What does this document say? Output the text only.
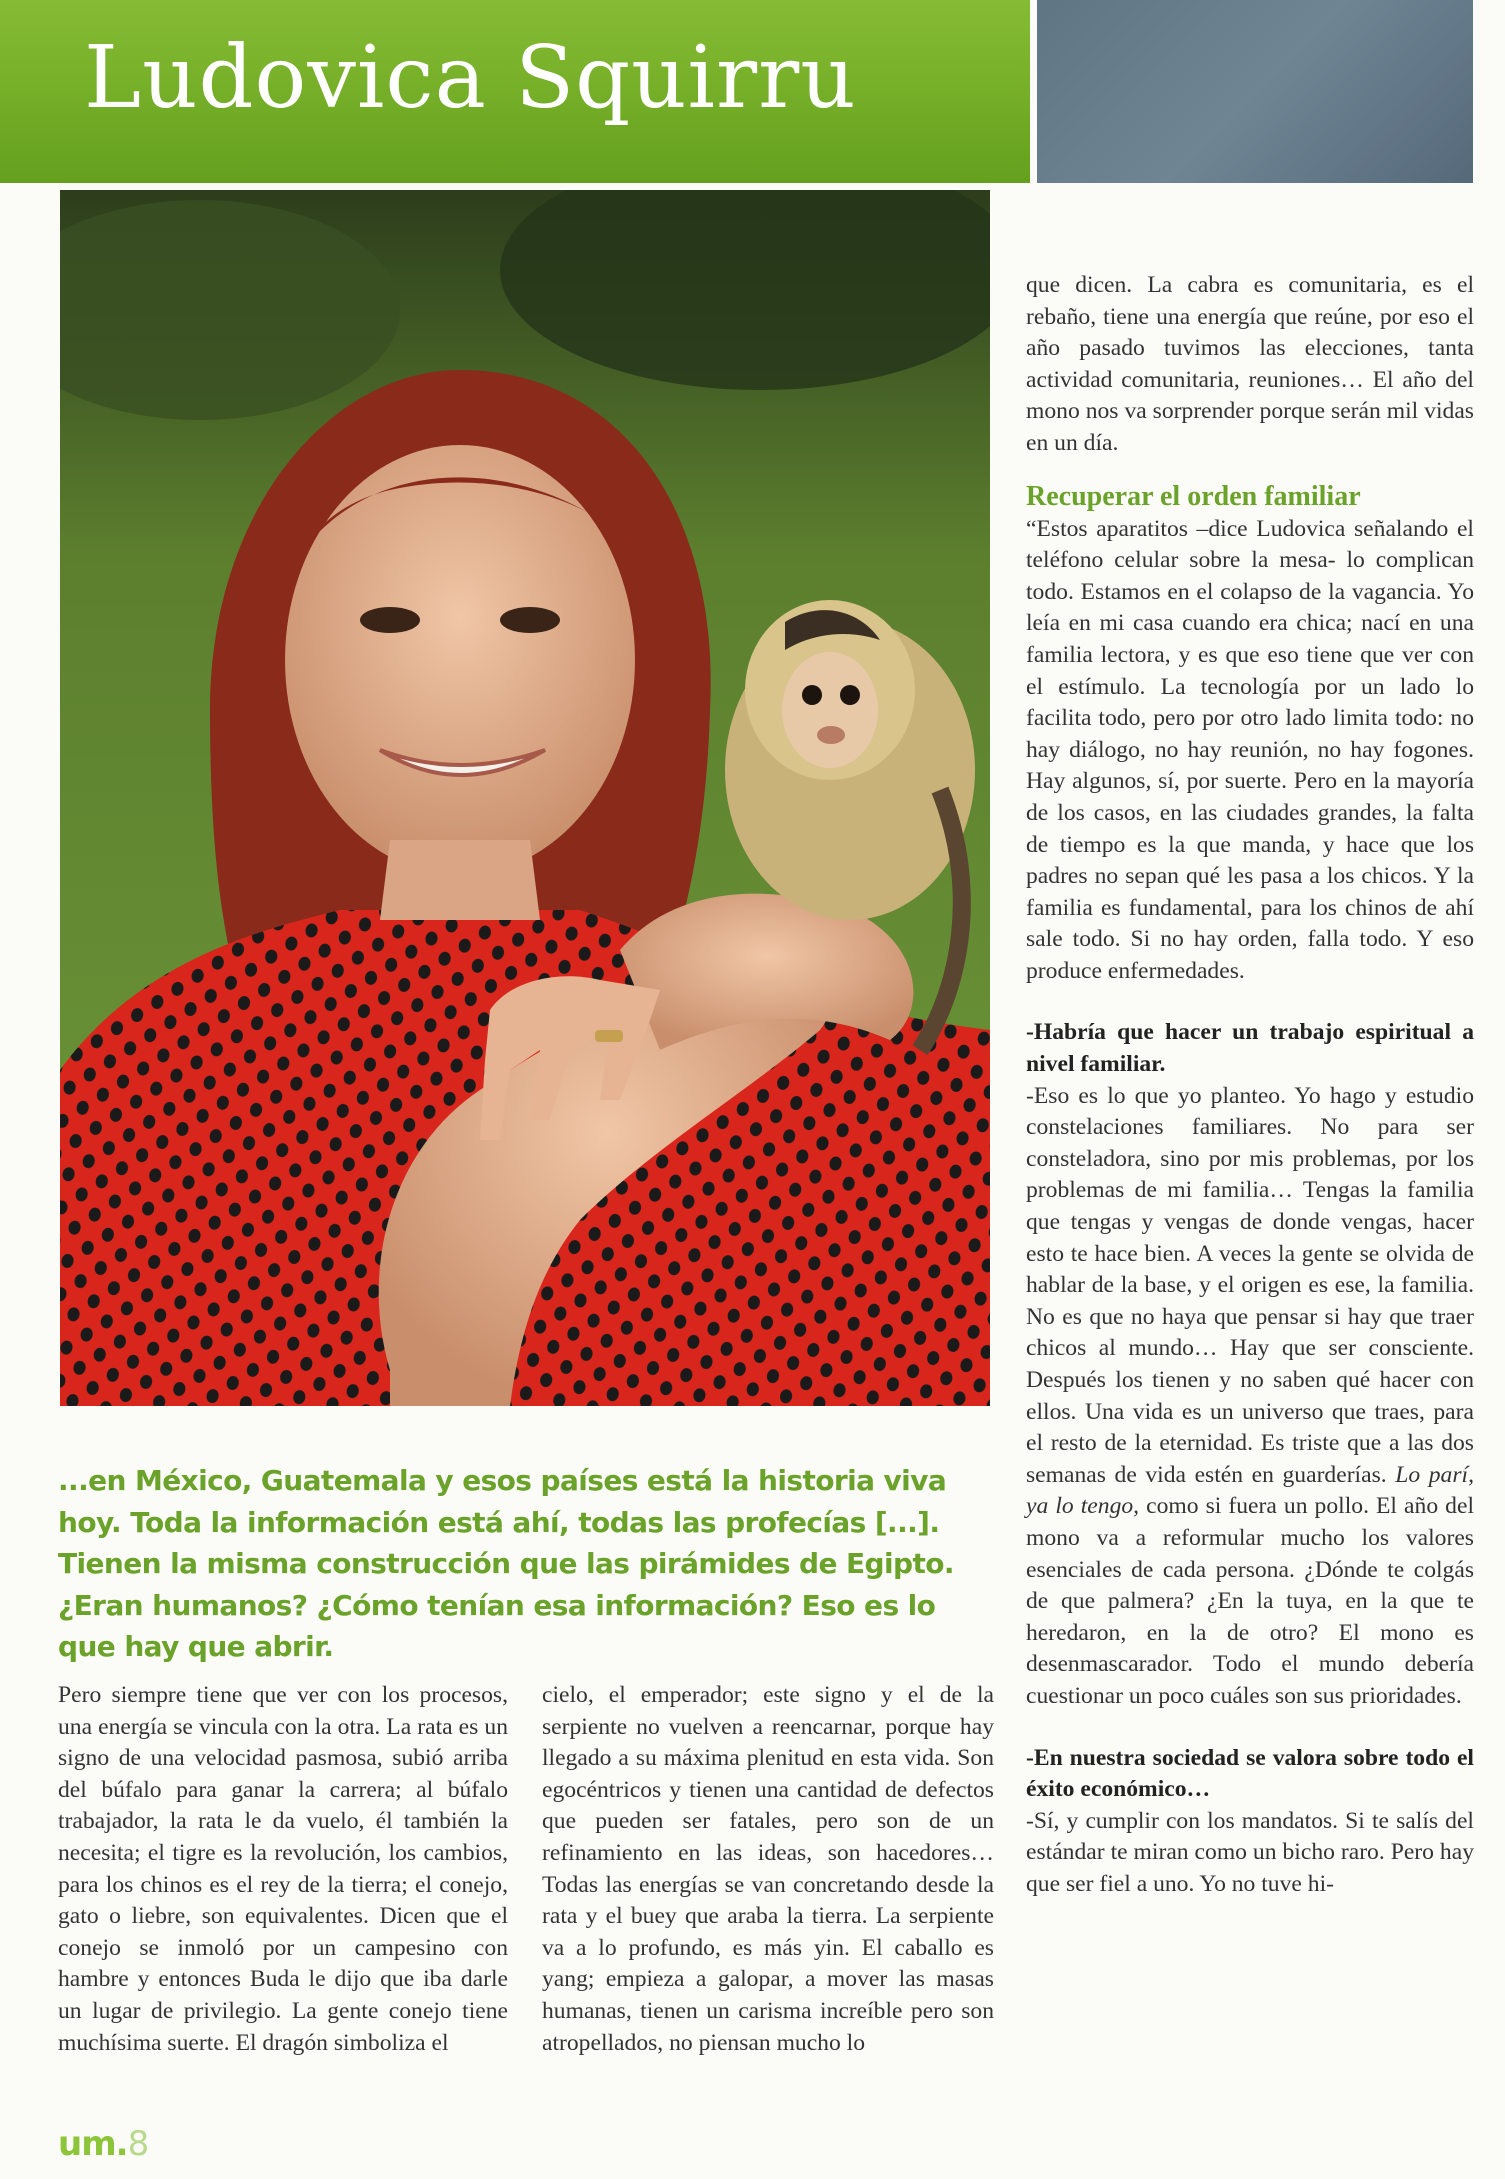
Ludovica Squirru

...en México, Guatemala y esos países está la historia viva hoy. Toda la información está ahí, todas las profecías [...]. Tienen la misma construcción que las pirámides de Egipto. ¿Eran humanos? ¿Cómo tenían esa información? Eso es lo que hay que abrir.

Pero siempre tiene que ver con los procesos, una energía se vincula con la otra. La rata es un signo de una velocidad pasmosa, subió arriba del búfalo para ganar la carrera; al búfalo trabajador, la rata le da vuelo, él también la necesita; el tigre es la revolución, los cambios, para los chinos es el rey de la tierra; el conejo, gato o liebre, son equivalentes. Dicen que el conejo se inmoló por un campesino con hambre y entonces Buda le dijo que iba darle un lugar de privilegio. La gente conejo tiene muchísima suerte. El dragón simboliza el

cielo, el emperador; este signo y el de la serpiente no vuelven a reencarnar, porque hay llegado a su máxima plenitud en esta vida. Son egocéntricos y tienen una cantidad de defectos que pueden ser fatales, pero son de un refinamiento en las ideas, son hacedores… Todas las energías se van concretando desde la rata y el buey que araba la tierra. La serpiente va a lo profundo, es más yin. El caballo es yang; empieza a galopar, a mover las masas humanas, tienen un carisma increíble pero son atropellados, no piensan mucho lo

que dicen. La cabra es comunitaria, es el rebaño, tiene una energía que reúne, por eso el año pasado tuvimos las elecciones, tanta actividad comunitaria, reuniones… El año del mono nos va sorprender porque serán mil vidas en un día.

Recuperar el orden familiar

“Estos aparatitos –dice Ludovica señalando el teléfono celular sobre la mesa- lo complican todo. Estamos en el colapso de la vagancia. Yo leía en mi casa cuando era chica; nací en una familia lectora, y es que eso tiene que ver con el estímulo. La tecnología por un lado lo facilita todo, pero por otro lado limita todo: no hay diálogo, no hay reunión, no hay fogones. Hay algunos, sí, por suerte. Pero en la mayoría de los casos, en las ciudades grandes, la falta de tiempo es la que manda, y hace que los padres no sepan qué les pasa a los chicos. Y la familia es fundamental, para los chinos de ahí sale todo. Si no hay orden, falla todo. Y eso produce enfermedades.

-Habría que hacer un trabajo espiritual a nivel familiar.

-Eso es lo que yo planteo. Yo hago y estudio constelaciones familiares. No para ser consteladora, sino por mis problemas, por los problemas de mi familia… Tengas la familia que tengas y vengas de donde vengas, hacer esto te hace bien. A veces la gente se olvida de hablar de la base, y el origen es ese, la familia. No es que no haya que pensar si hay que traer chicos al mundo… Hay que ser consciente. Después los tienen y no saben qué hacer con ellos. Una vida es un universo que traes, para el resto de la eternidad. Es triste que a las dos semanas de vida estén en guarderías. Lo parí, ya lo tengo, como si fuera un pollo. El año del mono va a reformular mucho los valores esenciales de cada persona. ¿Dónde te colgás de que palmera? ¿En la tuya, en la que te heredaron, en la de otro? El mono es desenmascarador. Todo el mundo debería cuestionar un poco cuáles son sus prioridades.

-En nuestra sociedad se valora sobre todo el éxito económico…

-Sí, y cumplir con los mandatos. Si te salís del estándar te miran como un bicho raro. Pero hay que ser fiel a uno. Yo no tuve hi-

um.8
